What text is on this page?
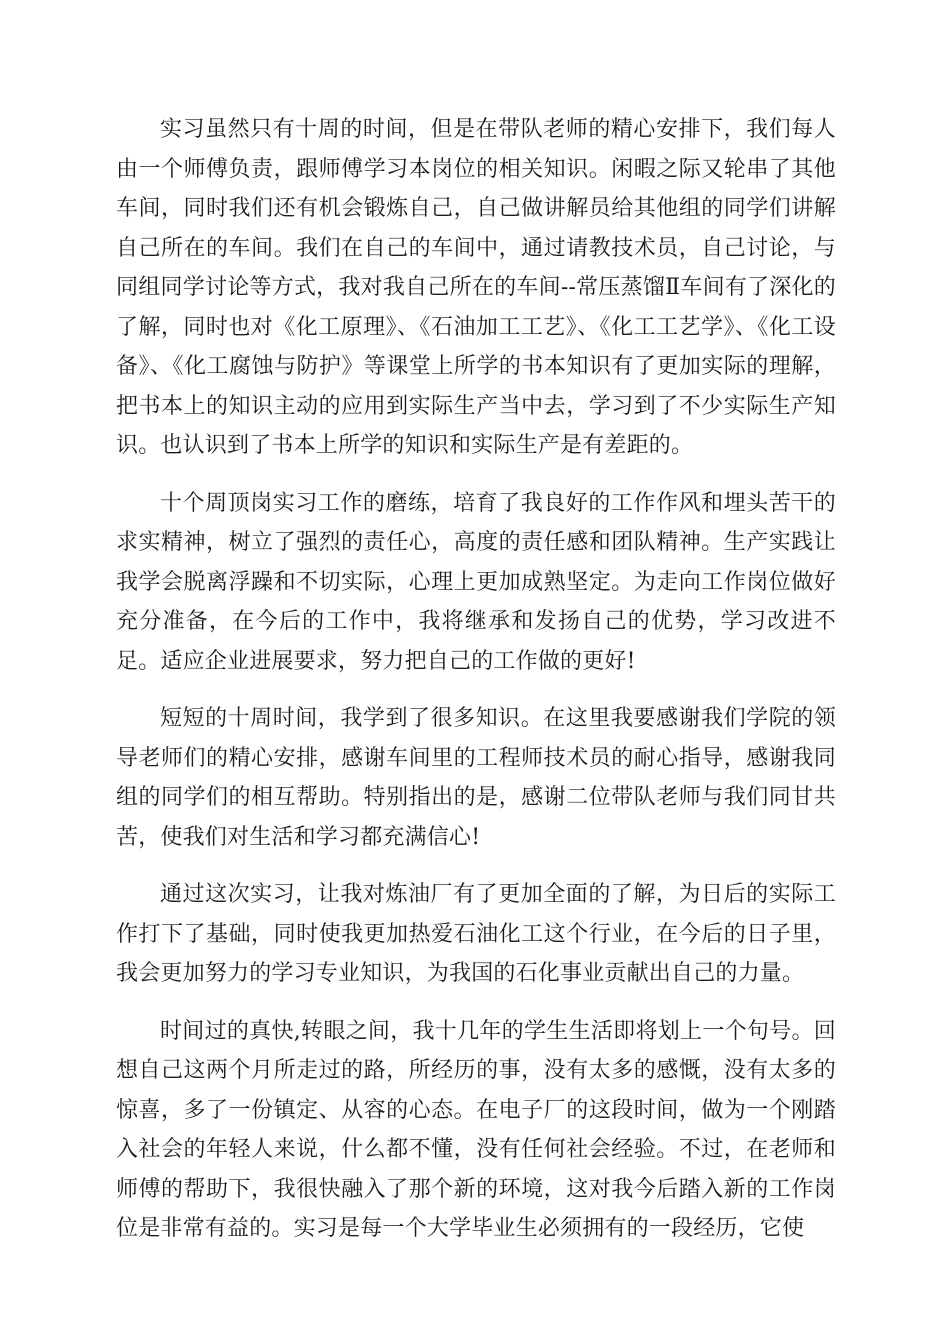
实习虽然只有十周的时间，但是在带队老师的精心安排下，我们每人由一个师傅负责，跟师傅学习本岗位的相关知识。闲暇之际又轮串了其他车间，同时我们还有机会锻炼自己，自己做讲解员给其他组的同学们讲解自己所在的车间。我们在自己的车间中，通过请教技术员，自己讨论，与同组同学讨论等方式，我对我自己所在的车间--常压蒸馏Ⅱ车间有了深化的了解，同时也对《化工原理》、《石油加工工艺》、《化工工艺学》、《化工设备》、《化工腐蚀与防护》等课堂上所学的书本知识有了更加实际的理解，把书本上的知识主动的应用到实际生产当中去，学习到了不少实际生产知识。也认识到了书本上所学的知识和实际生产是有差距的。

十个周顶岗实习工作的磨练，培育了我良好的工作作风和埋头苦干的求实精神，树立了强烈的责任心，高度的责任感和团队精神。生产实践让我学会脱离浮躁和不切实际，心理上更加成熟坚定。为走向工作岗位做好充分准备，在今后的工作中，我将继承和发扬自己的优势，学习改进不足。适应企业进展要求，努力把自己的工作做的更好!

短短的十周时间，我学到了很多知识。在这里我要感谢我们学院的领导老师们的精心安排，感谢车间里的工程师技术员的耐心指导，感谢我同组的同学们的相互帮助。特别指出的是，感谢二位带队老师与我们同甘共苦，使我们对生活和学习都充满信心!

通过这次实习，让我对炼油厂有了更加全面的了解，为日后的实际工作打下了基础，同时使我更加热爱石油化工这个行业，在今后的日子里，我会更加努力的学习专业知识，为我国的石化事业贡献出自己的力量。

时间过的真快,转眼之间，我十几年的学生生活即将划上一个句号。回想自己这两个月所走过的路，所经历的事，没有太多的感慨，没有太多的惊喜，多了一份镇定、从容的心态。在电子厂的这段时间，做为一个刚踏入社会的年轻人来说，什么都不懂，没有任何社会经验。不过，在老师和师傅的帮助下，我很快融入了那个新的环境，这对我今后踏入新的工作岗位是非常有益的。实习是每一个大学毕业生必须拥有的一段经历，它使
